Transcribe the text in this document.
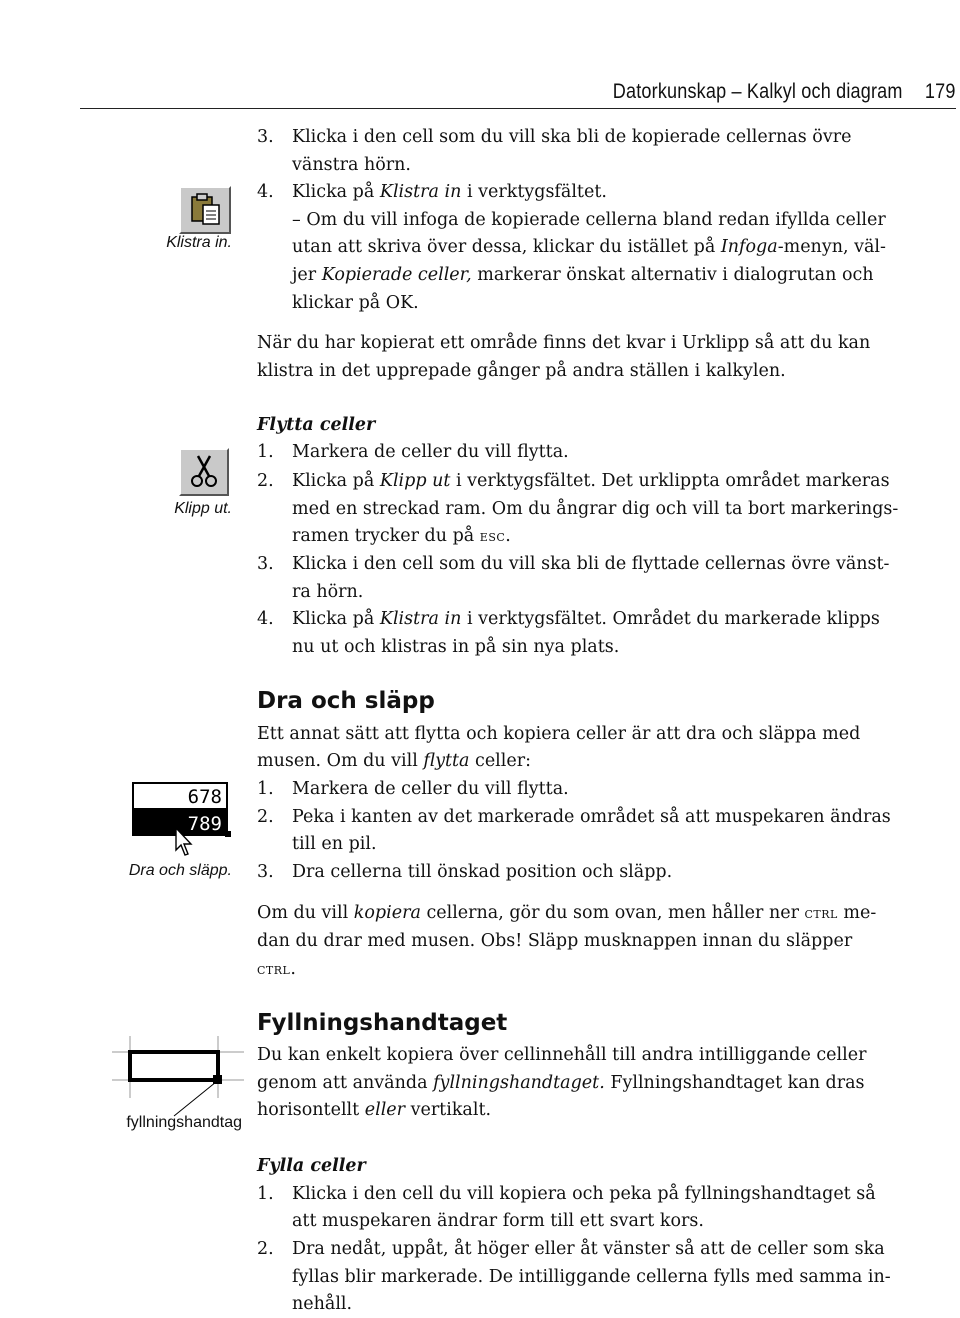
Datorkunskap – Kalkyl och diagram 179
Klistra in.
Klipp ut.
678
789
Dra och släpp.
fyllningshandtag
3. Klicka i den cell som du vill ska bli de kopierade cellernas övre
vänstra hörn.
4. Klicka på Klistra in i verktygsfältet.
– Om du vill infoga de kopierade cellerna bland redan ifyllda celler
utan att skriva över dessa, klickar du istället på Infoga-menyn, väl-
jer Kopierade celler, markerar önskat alternativ i dialogrutan och
klickar på OK.
När du har kopierat ett område finns det kvar i Urklipp så att du kan
klistra in det upprepade gånger på andra ställen i kalkylen.
Flytta celler
1. Markera de celler du vill flytta.
2. Klicka på Klipp ut i verktygsfältet. Det urklippta området markeras
med en streckad ram. Om du ångrar dig och vill ta bort markerings-
ramen trycker du på esc.
3. Klicka i den cell som du vill ska bli de flyttade cellernas övre vänst-
ra hörn.
4. Klicka på Klistra in i verktygsfältet. Området du markerade klipps
nu ut och klistras in på sin nya plats.
Dra och släpp
Ett annat sätt att flytta och kopiera celler är att dra och släppa med
musen. Om du vill flytta celler:
1. Markera de celler du vill flytta.
2. Peka i kanten av det markerade området så att muspekaren ändras
till en pil.
3. Dra cellerna till önskad position och släpp.
Om du vill kopiera cellerna, gör du som ovan, men håller ner ctrl me-
dan du drar med musen. Obs! Släpp musknappen innan du släpper
ctrl.
Fyllningshandtaget
Du kan enkelt kopiera över cellinnehåll till andra intilliggande celler
genom att använda fyllningshandtaget. Fyllningshandtaget kan dras
horisontellt eller vertikalt.
Fylla celler
1. Klicka i den cell du vill kopiera och peka på fyllningshandtaget så
att muspekaren ändrar form till ett svart kors.
2. Dra nedåt, uppåt, åt höger eller åt vänster så att de celler som ska
fyllas blir markerade. De intilliggande cellerna fylls med samma in-
nehåll.
